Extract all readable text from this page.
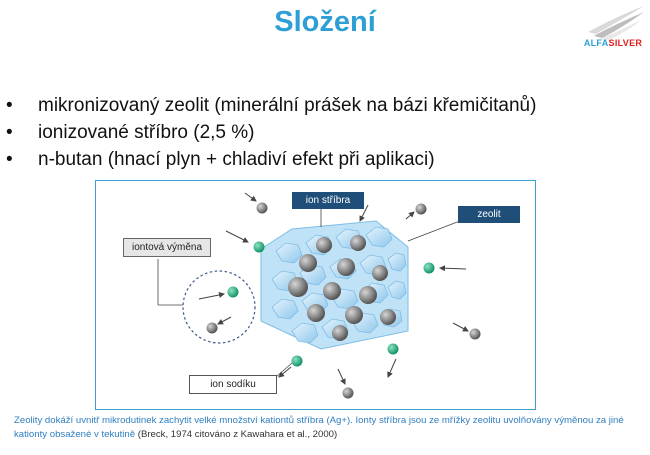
Složení
ALFASILVER
• mikronizovaný zeolit (minerální prášek na bázi křemičitanů)
• ionizované stříbro (2,5 %)
• n-butan (hnací plyn + chladiví efekt při aplikaci)
ion stříbra
zeolit
iontová výměna
ion sodíku
Zeolity dokáží uvnitř mikrodutinek zachytit velké množství kationtů stříbra (Ag+). Ionty stříbra jsou ze mřížky zeolitu uvolňovány výměnou za jiné kationty obsažené v tekutině (Breck, 1974 citováno z Kawahara et al., 2000)
